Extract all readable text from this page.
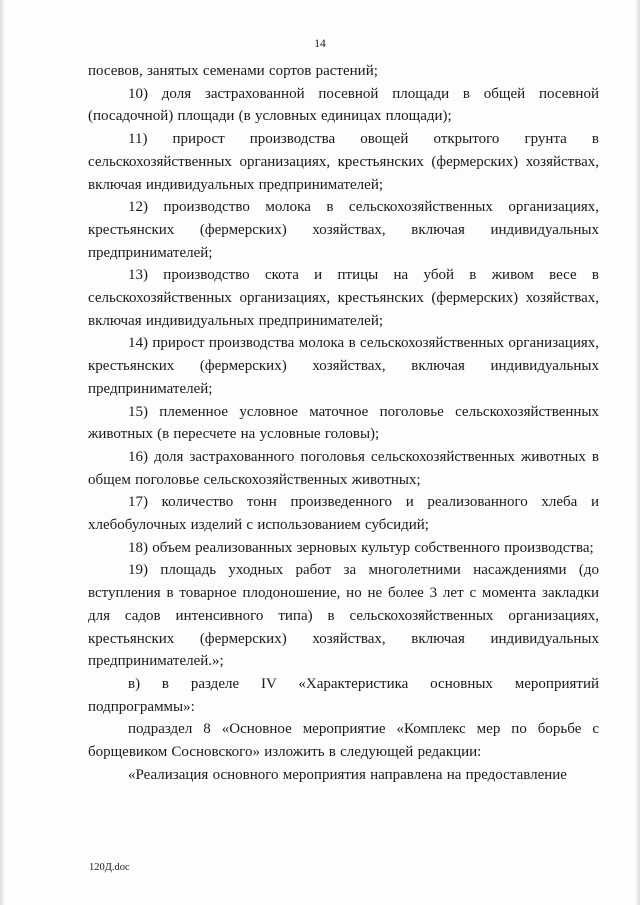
14

посевов, занятых семенами сортов растений;

10) доля застрахованной посевной площади в общей посевной (посадочной) площади (в условных единицах площади);

11) прирост производства овощей открытого грунта в сельскохозяйственных организациях, крестьянских (фермерских) хозяйствах, включая индивидуальных предпринимателей;

12) производство молока в сельскохозяйственных организациях, крестьянских (фермерских) хозяйствах, включая индивидуальных предпринимателей;

13) производство скота и птицы на убой в живом весе в сельскохозяйственных организациях, крестьянских (фермерских) хозяйствах, включая индивидуальных предпринимателей;

14) прирост производства молока в сельскохозяйственных организациях, крестьянских (фермерских) хозяйствах, включая индивидуальных предпринимателей;

15) племенное условное маточное поголовье сельскохозяйственных животных (в пересчете на условные головы);

16) доля застрахованного поголовья сельскохозяйственных животных в общем поголовье сельскохозяйственных животных;

17) количество тонн произведенного и реализованного хлеба и хлебобулочных изделий с использованием субсидий;

18) объем реализованных зерновых культур собственного производства;

19) площадь уходных работ за многолетними насаждениями (до вступления в товарное плодоношение, но не более 3 лет с момента закладки для садов интенсивного типа) в сельскохозяйственных организациях, крестьянских (фермерских) хозяйствах, включая индивидуальных предпринимателей.»;

в) в разделе IV «Характеристика основных мероприятий подпрограммы»:

подраздел 8 «Основное мероприятие «Комплекс мер по борьбе с борщевиком Сосновского» изложить в следующей редакции:

«Реализация основного мероприятия направлена на предоставление

120Д.doc
